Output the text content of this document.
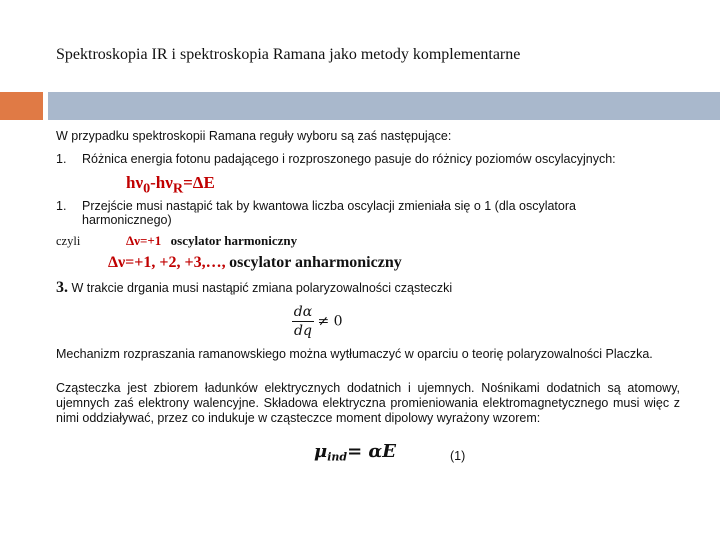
Spektroskopia IR i spektroskopia Ramana jako metody komplementarne
W przypadku spektroskopii Ramana reguły wyboru są zaś następujące:
1. Różnica energia fotonu padającego i rozproszonego pasuje do różnicy poziomów oscylacyjnych:
$h\nu_0-h\nu_R=\Delta E$
1. Przejście musi nastąpić tak by kwantowa liczba oscylacji zmieniała się o 1 (dla oscylatora
harmonicznego)
czyli	Δν=+1 oscylator harmoniczny
Δν=+1, +2, +3,…, oscylator anharmoniczny
3. W trakcie drgania musi nastąpić zmiana polaryzowalności cząsteczki
$\frac{d\alpha}{dq} \ne 0$
Mechanizm rozpraszania ramanowskiego można wytłumaczyć w oparciu o teorię polaryzowalności Placzka.
Cząsteczka jest zbiorem ładunków elektrycznych dodatnich i ujemnych. Nośnikami dodatnich są atomowy, ujemnych zaś elektrony walencyjne. Składowa elektryczna promieniowania elektromagnetycznego musi więc z nimi oddziaływać, przez co indukuje w cząsteczce moment dipolowy wyrażony wzorem:
$\mu_{ind}= \alpha E$	(1)
